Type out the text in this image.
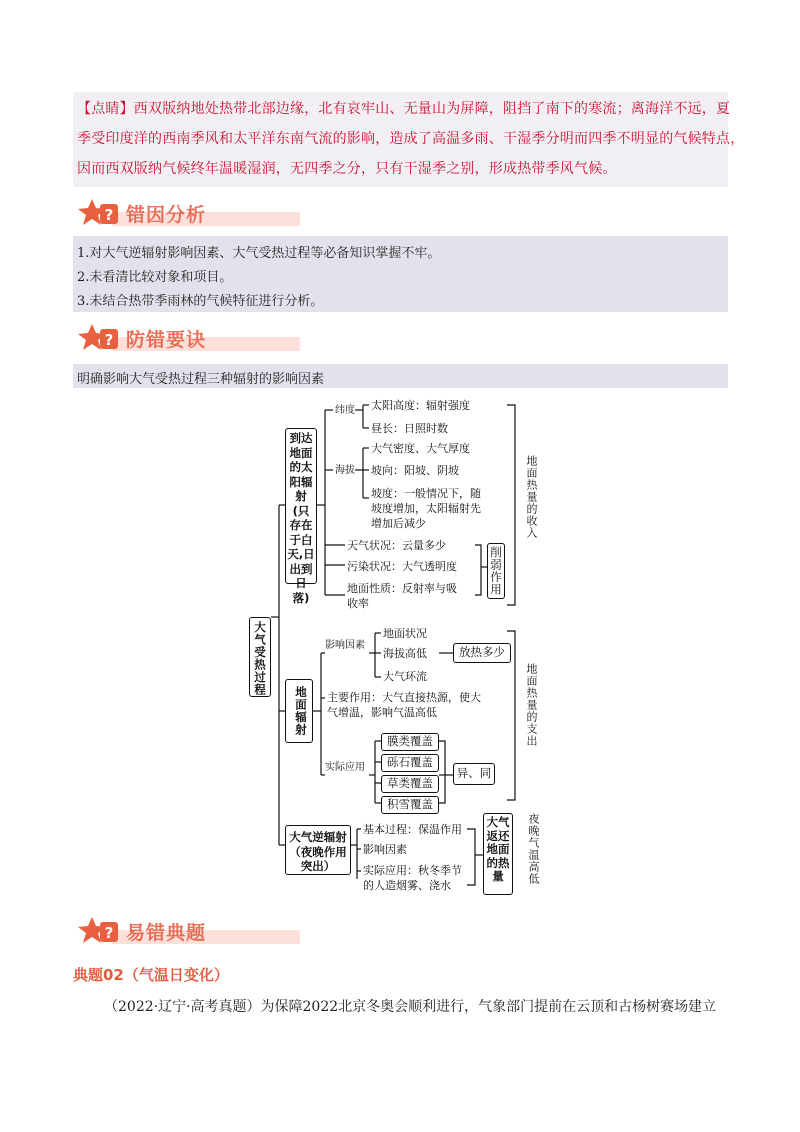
【点睛】西双版纳地处热带北部边缘，北有哀牢山、无量山为屏障，阻挡了南下的寒流；离海洋不远，夏
季受印度洋的西南季风和太平洋东南气流的影响，造成了高温多雨、干湿季分明而四季不明显的气候特点，
因而西双版纳气候终年温暖湿润，无四季之分，只有干湿季之别，形成热带季风气候。
? 错因分析
1.对大气逆辐射影响因素、大气受热过程等必备知识掌握不牢。
2.未看清比较对象和项目。
3.未结合热带季雨林的气候特征进行分析。
? 防错要诀
明确影响大气受热过程三种辐射的影响因素
大气受热过程
到达地面的太阳辐射(只存在于白天,日出到日落)
纬度
海拔
太阳高度：辐射强度
昼长：日照时数
大气密度、大气厚度
坡向：阳坡、阴坡
坡度：一般情况下，随
坡度增加，太阳辐射先
增加后减少
天气状况：云量多少
污染状况：大气透明度
地面性质：反射率与吸
收率
削弱作用
地面热量的收入
地面辐射
影响因素
地面状况
海拔高低
大气环流
放热多少
主要作用：大气直接热源，使大
气增温，影响气温高低
实际应用
膜类覆盖
砾石覆盖
草类覆盖
积雪覆盖
异、同
地面热量的支出
大气逆辐射（夜晚作用突出）
基本过程：保温作用
影响因素
实际应用：秋冬季节
的人造烟雾、浇水
大气返还地面的热量	夜晚气温高低
? 易错典题
典题02（气温日变化）
（2022·辽宁·高考真题）为保障2022北京冬奥会顺利进行，气象部门提前在云顶和古杨树赛场建立
